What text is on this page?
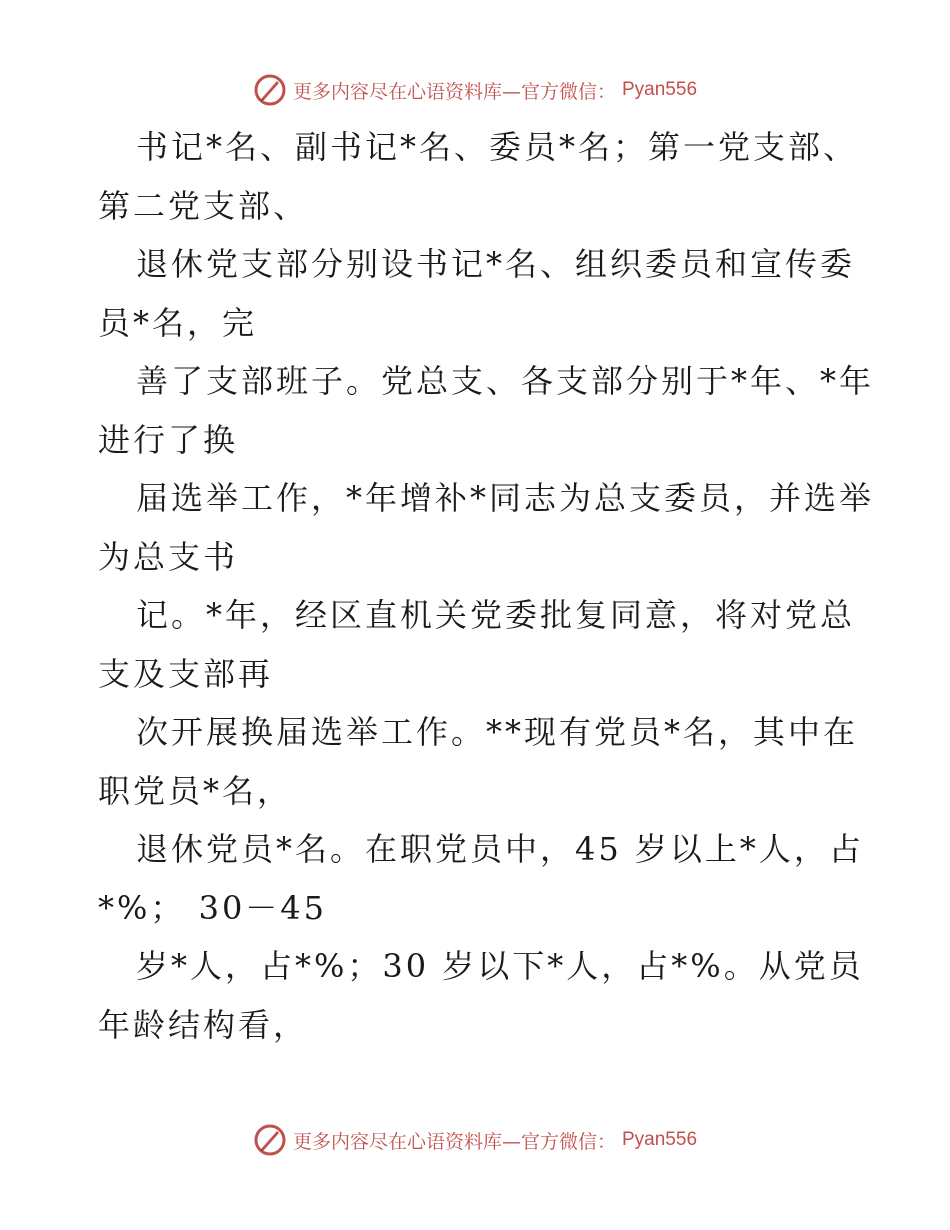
更多内容尽在心语资料库—官方微信： Pyan556
书记*名、副书记*名、委员*名；第一党支部、
第二党支部、
退休党支部分别设书记*名、组织委员和宣传委
员*名，完
善了支部班子。党总支、各支部分别于*年、*年
进行了换
届选举工作，*年增补*同志为总支委员，并选举
为总支书
记。*年，经区直机关党委批复同意，将对党总
支及支部再
次开展换届选举工作。**现有党员*名，其中在
职党员*名，
退休党员*名。在职党员中，45 岁以上*人，占
*%； 30－45
岁*人，占*%；30 岁以下*人，占*%。从党员
年龄结构看，
更多内容尽在心语资料库—官方微信： Pyan556
